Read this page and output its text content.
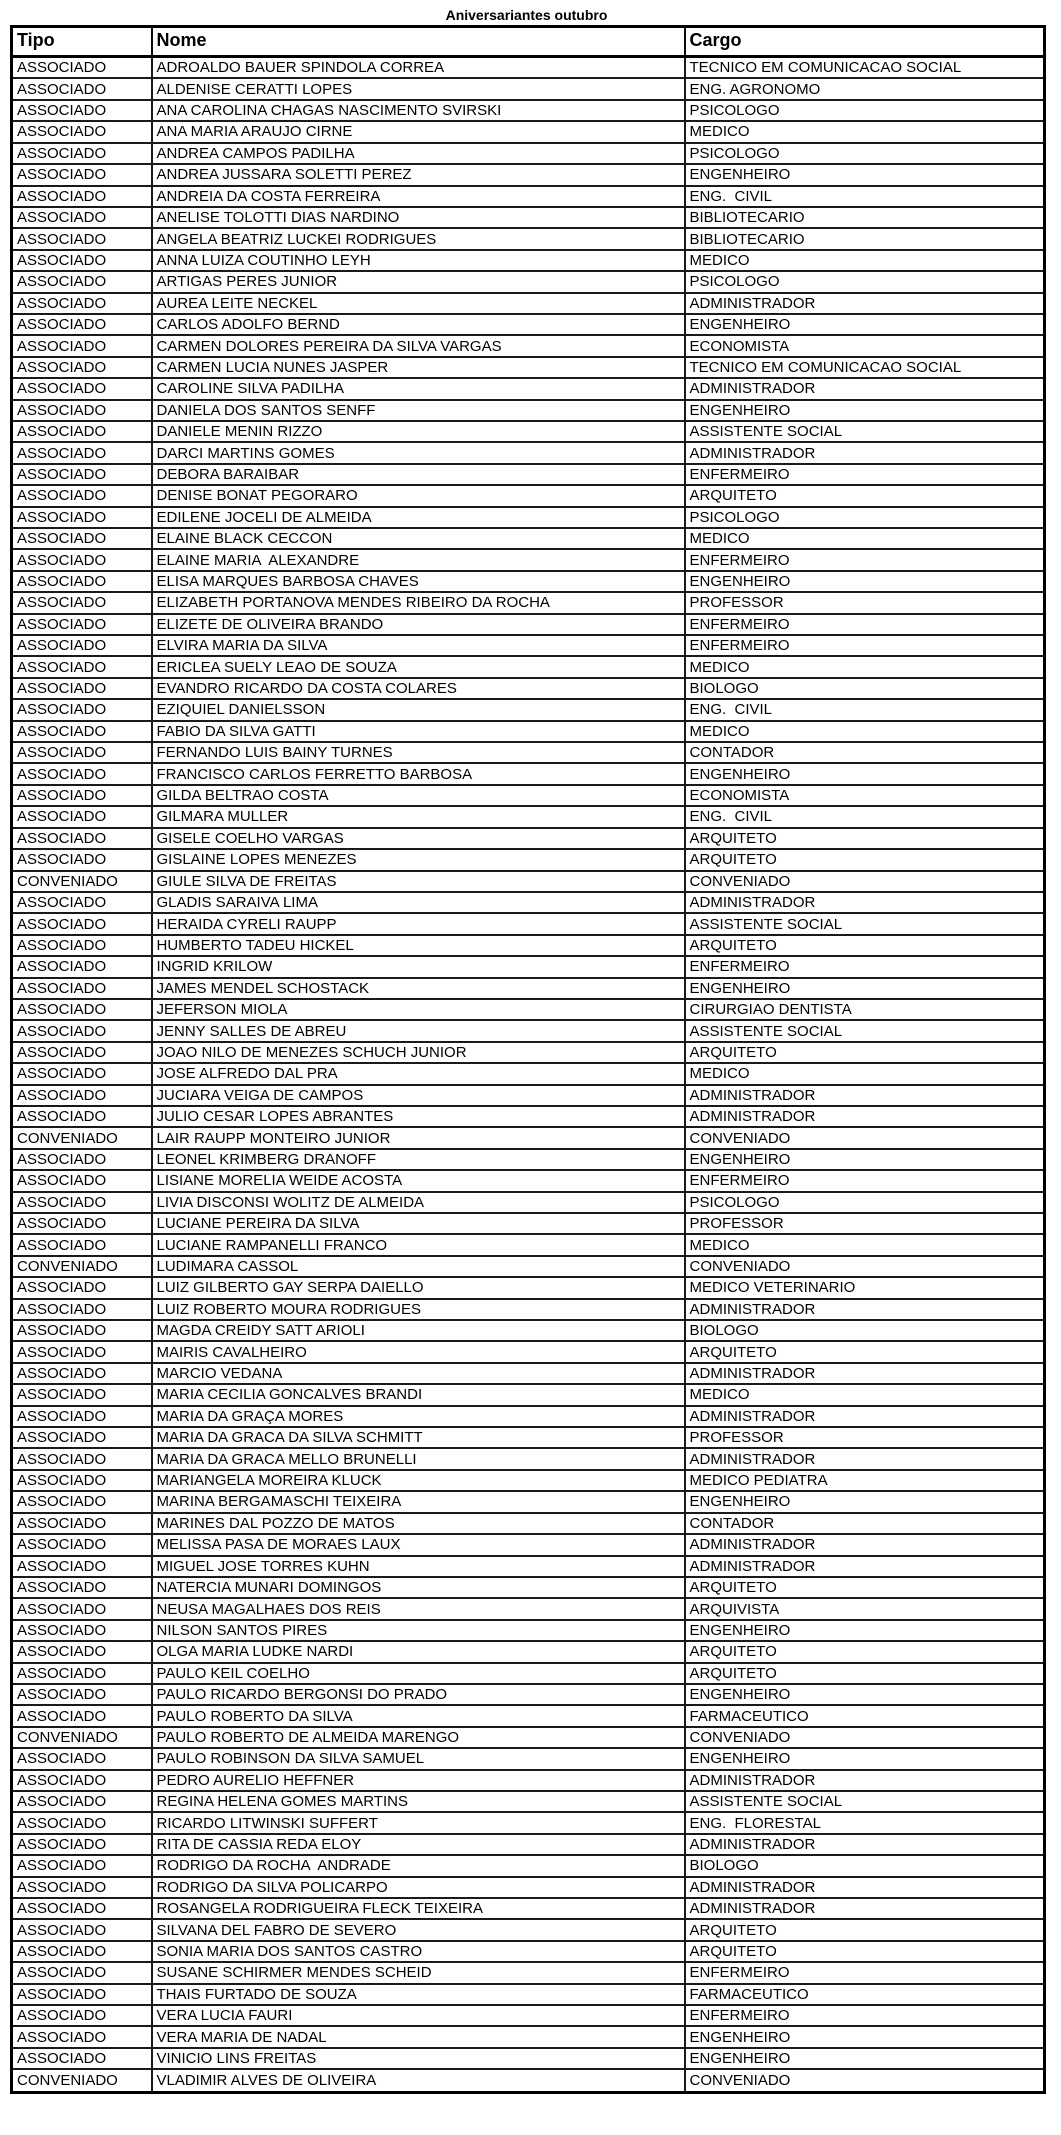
Aniversariantes outubro
Tipo	Nome	Cargo
ASSOCIADO	ADROALDO BAUER SPINDOLA CORREA	TECNICO EM COMUNICACAO SOCIAL
ASSOCIADO	ALDENISE CERATTI LOPES	ENG. AGRONOMO
ASSOCIADO	ANA CAROLINA CHAGAS NASCIMENTO SVIRSKI	PSICOLOGO
ASSOCIADO	ANA MARIA ARAUJO CIRNE	MEDICO
ASSOCIADO	ANDREA CAMPOS PADILHA	PSICOLOGO
ASSOCIADO	ANDREA JUSSARA SOLETTI PEREZ	ENGENHEIRO
ASSOCIADO	ANDREIA DA COSTA FERREIRA	ENG.  CIVIL
ASSOCIADO	ANELISE TOLOTTI DIAS NARDINO	BIBLIOTECARIO
ASSOCIADO	ANGELA BEATRIZ LUCKEI RODRIGUES	BIBLIOTECARIO
ASSOCIADO	ANNA LUIZA COUTINHO LEYH	MEDICO
ASSOCIADO	ARTIGAS PERES JUNIOR	PSICOLOGO
ASSOCIADO	AUREA LEITE NECKEL	ADMINISTRADOR
ASSOCIADO	CARLOS ADOLFO BERND	ENGENHEIRO
ASSOCIADO	CARMEN DOLORES PEREIRA DA SILVA VARGAS	ECONOMISTA
ASSOCIADO	CARMEN LUCIA NUNES JASPER	TECNICO EM COMUNICACAO SOCIAL
ASSOCIADO	CAROLINE SILVA PADILHA	ADMINISTRADOR
ASSOCIADO	DANIELA DOS SANTOS SENFF	ENGENHEIRO
ASSOCIADO	DANIELE MENIN RIZZO	ASSISTENTE SOCIAL
ASSOCIADO	DARCI MARTINS GOMES	ADMINISTRADOR
ASSOCIADO	DEBORA BARAIBAR	ENFERMEIRO
ASSOCIADO	DENISE BONAT PEGORARO	ARQUITETO
ASSOCIADO	EDILENE JOCELI DE ALMEIDA	PSICOLOGO
ASSOCIADO	ELAINE BLACK CECCON	MEDICO
ASSOCIADO	ELAINE MARIA  ALEXANDRE	ENFERMEIRO
ASSOCIADO	ELISA MARQUES BARBOSA CHAVES	ENGENHEIRO
ASSOCIADO	ELIZABETH PORTANOVA MENDES RIBEIRO DA ROCHA	PROFESSOR
ASSOCIADO	ELIZETE DE OLIVEIRA BRANDO	ENFERMEIRO
ASSOCIADO	ELVIRA MARIA DA SILVA	ENFERMEIRO
ASSOCIADO	ERICLEA SUELY LEAO DE SOUZA	MEDICO
ASSOCIADO	EVANDRO RICARDO DA COSTA COLARES	BIOLOGO
ASSOCIADO	EZIQUIEL DANIELSSON	ENG.  CIVIL
ASSOCIADO	FABIO DA SILVA GATTI	MEDICO
ASSOCIADO	FERNANDO LUIS BAINY TURNES	CONTADOR
ASSOCIADO	FRANCISCO CARLOS FERRETTO BARBOSA	ENGENHEIRO
ASSOCIADO	GILDA BELTRAO COSTA	ECONOMISTA
ASSOCIADO	GILMARA MULLER	ENG.  CIVIL
ASSOCIADO	GISELE COELHO VARGAS	ARQUITETO
ASSOCIADO	GISLAINE LOPES MENEZES	ARQUITETO
CONVENIADO	GIULE SILVA DE FREITAS	CONVENIADO
ASSOCIADO	GLADIS SARAIVA LIMA	ADMINISTRADOR
ASSOCIADO	HERAIDA CYRELI RAUPP	ASSISTENTE SOCIAL
ASSOCIADO	HUMBERTO TADEU HICKEL	ARQUITETO
ASSOCIADO	INGRID KRILOW	ENFERMEIRO
ASSOCIADO	JAMES MENDEL SCHOSTACK	ENGENHEIRO
ASSOCIADO	JEFERSON MIOLA	CIRURGIAO DENTISTA
ASSOCIADO	JENNY SALLES DE ABREU	ASSISTENTE SOCIAL
ASSOCIADO	JOAO NILO DE MENEZES SCHUCH JUNIOR	ARQUITETO
ASSOCIADO	JOSE ALFREDO DAL PRA	MEDICO
ASSOCIADO	JUCIARA VEIGA DE CAMPOS	ADMINISTRADOR
ASSOCIADO	JULIO CESAR LOPES ABRANTES	ADMINISTRADOR
CONVENIADO	LAIR RAUPP MONTEIRO JUNIOR	CONVENIADO
ASSOCIADO	LEONEL KRIMBERG DRANOFF	ENGENHEIRO
ASSOCIADO	LISIANE MORELIA WEIDE ACOSTA	ENFERMEIRO
ASSOCIADO	LIVIA DISCONSI WOLITZ DE ALMEIDA	PSICOLOGO
ASSOCIADO	LUCIANE PEREIRA DA SILVA	PROFESSOR
ASSOCIADO	LUCIANE RAMPANELLI FRANCO	MEDICO
CONVENIADO	LUDIMARA CASSOL	CONVENIADO
ASSOCIADO	LUIZ GILBERTO GAY SERPA DAIELLO	MEDICO VETERINARIO
ASSOCIADO	LUIZ ROBERTO MOURA RODRIGUES	ADMINISTRADOR
ASSOCIADO	MAGDA CREIDY SATT ARIOLI	BIOLOGO
ASSOCIADO	MAIRIS CAVALHEIRO	ARQUITETO
ASSOCIADO	MARCIO VEDANA	ADMINISTRADOR
ASSOCIADO	MARIA CECILIA GONCALVES BRANDI	MEDICO
ASSOCIADO	MARIA DA GRAÇA MORES	ADMINISTRADOR
ASSOCIADO	MARIA DA GRACA DA SILVA SCHMITT	PROFESSOR
ASSOCIADO	MARIA DA GRACA MELLO BRUNELLI	ADMINISTRADOR
ASSOCIADO	MARIANGELA MOREIRA KLUCK	MEDICO PEDIATRA
ASSOCIADO	MARINA BERGAMASCHI TEIXEIRA	ENGENHEIRO
ASSOCIADO	MARINES DAL POZZO DE MATOS	CONTADOR
ASSOCIADO	MELISSA PASA DE MORAES LAUX	ADMINISTRADOR
ASSOCIADO	MIGUEL JOSE TORRES KUHN	ADMINISTRADOR
ASSOCIADO	NATERCIA MUNARI DOMINGOS	ARQUITETO
ASSOCIADO	NEUSA MAGALHAES DOS REIS	ARQUIVISTA
ASSOCIADO	NILSON SANTOS PIRES	ENGENHEIRO
ASSOCIADO	OLGA MARIA LUDKE NARDI	ARQUITETO
ASSOCIADO	PAULO KEIL COELHO	ARQUITETO
ASSOCIADO	PAULO RICARDO BERGONSI DO PRADO	ENGENHEIRO
ASSOCIADO	PAULO ROBERTO DA SILVA	FARMACEUTICO
CONVENIADO	PAULO ROBERTO DE ALMEIDA MARENGO	CONVENIADO
ASSOCIADO	PAULO ROBINSON DA SILVA SAMUEL	ENGENHEIRO
ASSOCIADO	PEDRO AURELIO HEFFNER	ADMINISTRADOR
ASSOCIADO	REGINA HELENA GOMES MARTINS	ASSISTENTE SOCIAL
ASSOCIADO	RICARDO LITWINSKI SUFFERT	ENG.  FLORESTAL
ASSOCIADO	RITA DE CASSIA REDA ELOY	ADMINISTRADOR
ASSOCIADO	RODRIGO DA ROCHA  ANDRADE	BIOLOGO
ASSOCIADO	RODRIGO DA SILVA POLICARPO	ADMINISTRADOR
ASSOCIADO	ROSANGELA RODRIGUEIRA FLECK TEIXEIRA	ADMINISTRADOR
ASSOCIADO	SILVANA DEL FABRO DE SEVERO	ARQUITETO
ASSOCIADO	SONIA MARIA DOS SANTOS CASTRO	ARQUITETO
ASSOCIADO	SUSANE SCHIRMER MENDES SCHEID	ENFERMEIRO
ASSOCIADO	THAIS FURTADO DE SOUZA	FARMACEUTICO
ASSOCIADO	VERA LUCIA FAURI	ENFERMEIRO
ASSOCIADO	VERA MARIA DE NADAL	ENGENHEIRO
ASSOCIADO	VINICIO LINS FREITAS	ENGENHEIRO
CONVENIADO	VLADIMIR ALVES DE OLIVEIRA	CONVENIADO
